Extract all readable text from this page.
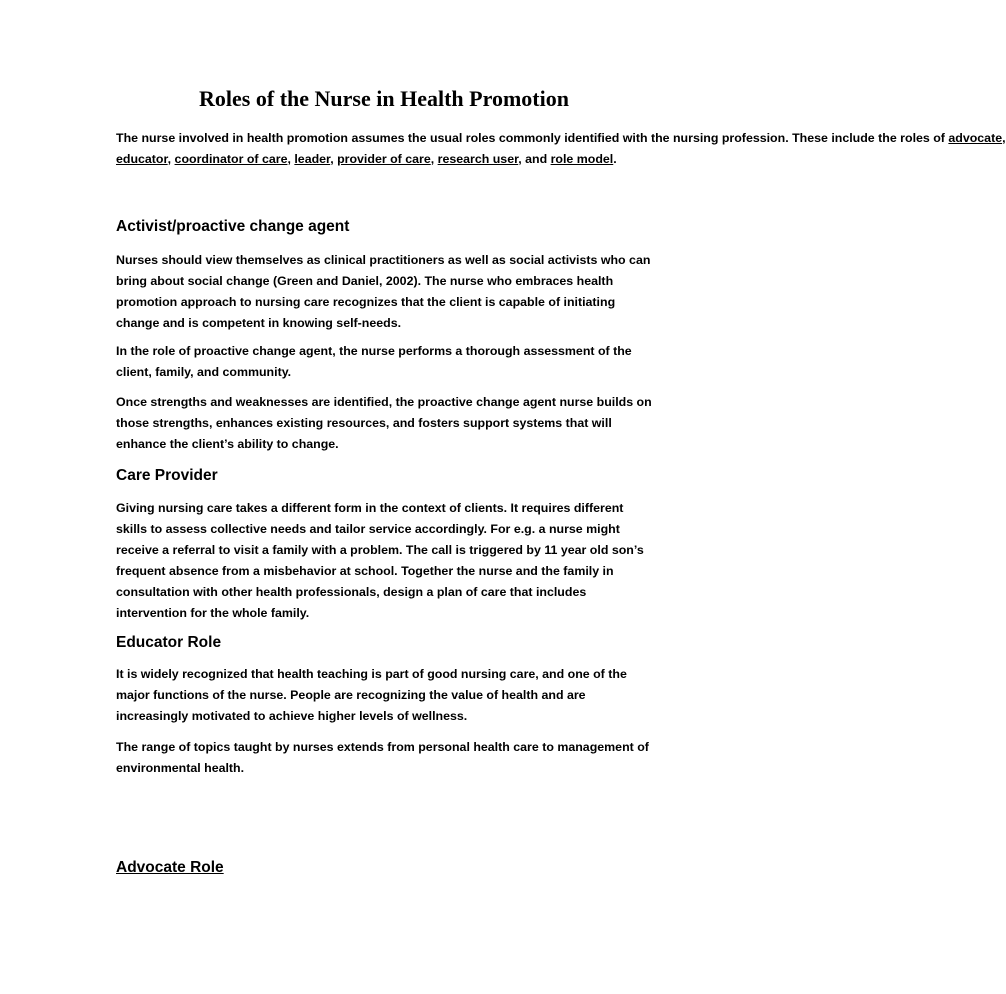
Roles of the Nurse in Health Promotion

The nurse involved in health promotion assumes the usual roles commonly identified with the nursing profession. These include the roles of advocate, educator, coordinator of care, leader, provider of care, research user, and role model.

Activist/proactive change agent

Nurses should view themselves as clinical practitioners as well as social activists who can bring about social change (Green and Daniel, 2002). The nurse who embraces health promotion approach to nursing care recognizes that the client is capable of initiating change and is competent in knowing self-needs.

In the role of proactive change agent, the nurse performs a thorough assessment of the client, family, and community.

Once strengths and weaknesses are identified, the proactive change agent nurse builds on those strengths, enhances existing resources, and fosters support systems that will enhance the client’s ability to change.

Care Provider

Giving nursing care takes a different form in the context of clients. It requires different skills to assess collective needs and tailor service accordingly. For e.g. a nurse might receive a referral to visit a family with a problem. The call is triggered by 11 year old son’s frequent absence from a misbehavior at school. Together the nurse and the family in consultation with other health professionals, design a plan of care that includes intervention for the whole family.

Educator Role

It is widely recognized that health teaching is part of good nursing care, and one of the major functions of the nurse. People are recognizing the value of health and are increasingly motivated to achieve higher levels of wellness.

The range of topics taught by nurses extends from personal health care to management of environmental health.

Advocate Role
